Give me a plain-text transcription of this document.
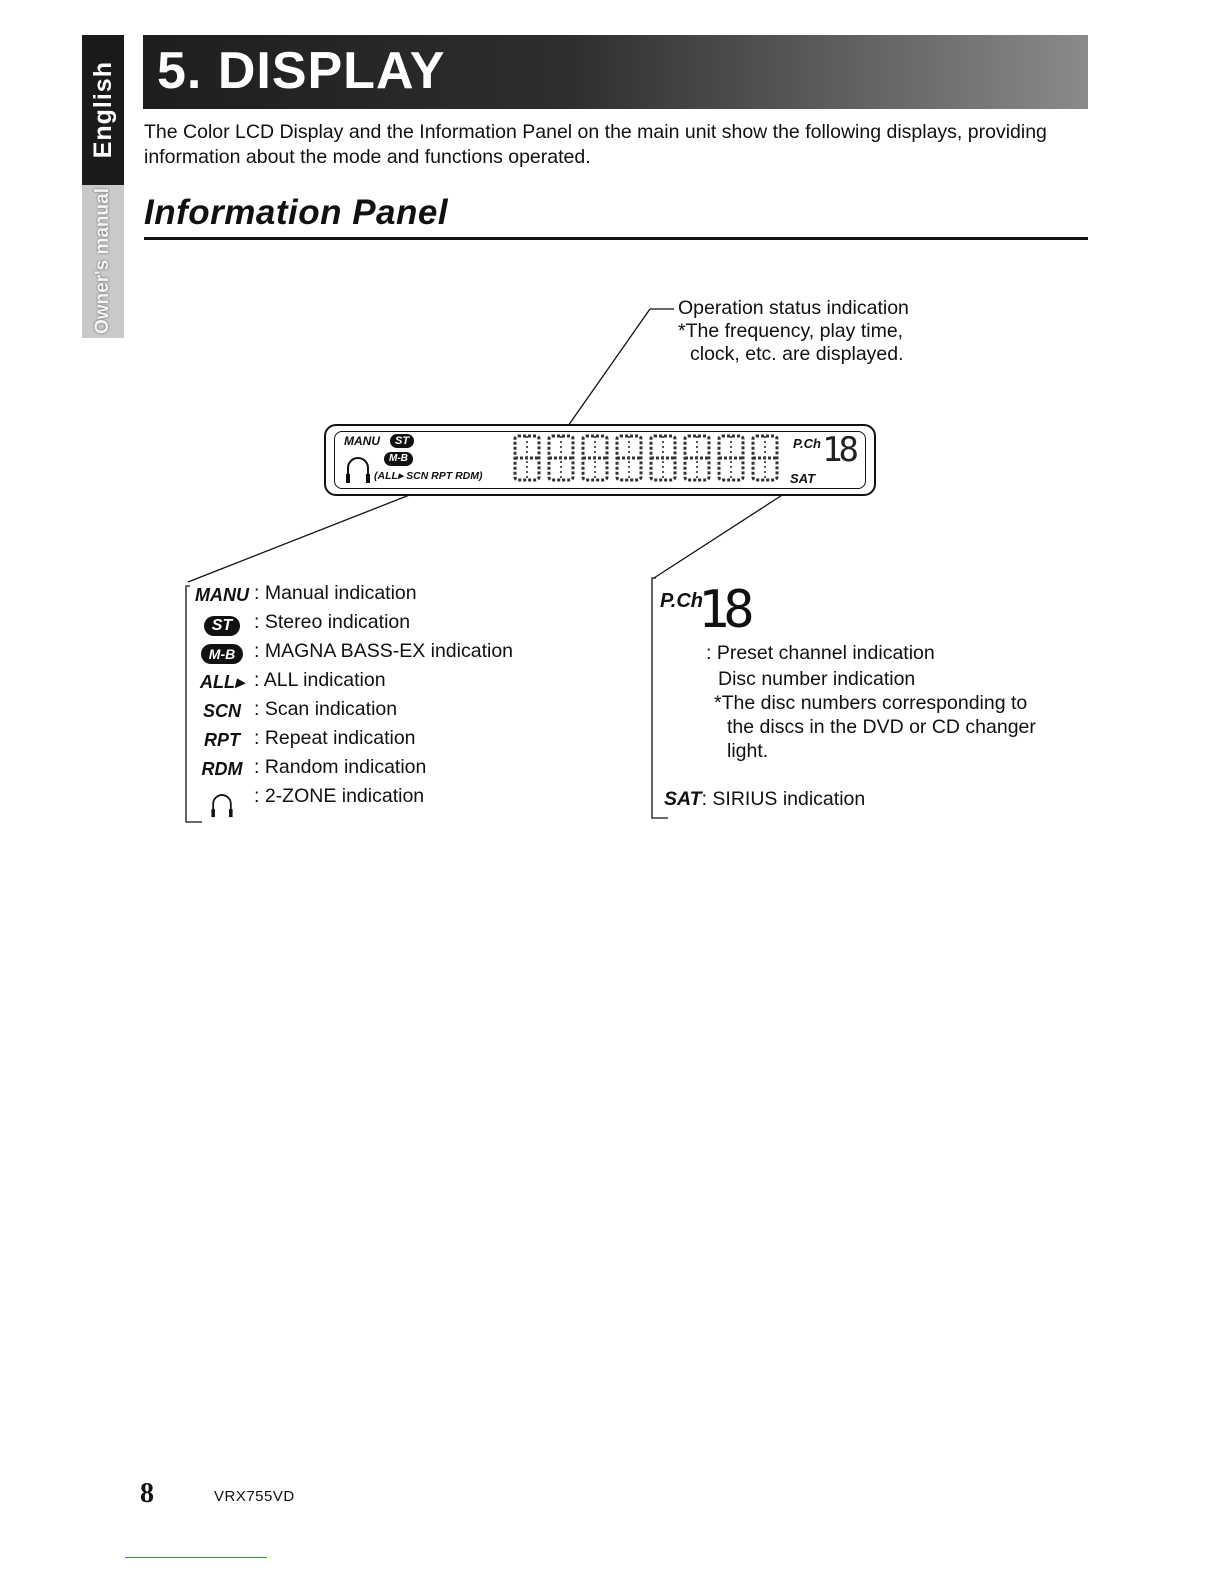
English
Owner's manual
5. DISPLAY
The Color LCD Display and the Information Panel on the main unit show the following displays, providing information about the mode and functions operated.
Information Panel
Operation status indication
*The frequency, play time,
clock, etc. are displayed.
MANU	ST
M-B
(ALL▸ SCN RPT RDM)
P.Ch
SAT
18
MANU : Manual indication
ST	: Stereo indication
M-B : MAGNA BASS-EX indication
ALL▸ : ALL indication
SCN : Scan indication
RPT : Repeat indication
RDM : Random indication
: 2-ZONE indication
P.Ch
18
: Preset channel indication
Disc number indication
*The disc numbers corresponding to
the discs in the DVD or CD changer
light.
SAT: SIRIUS indication
8	VRX755VD
